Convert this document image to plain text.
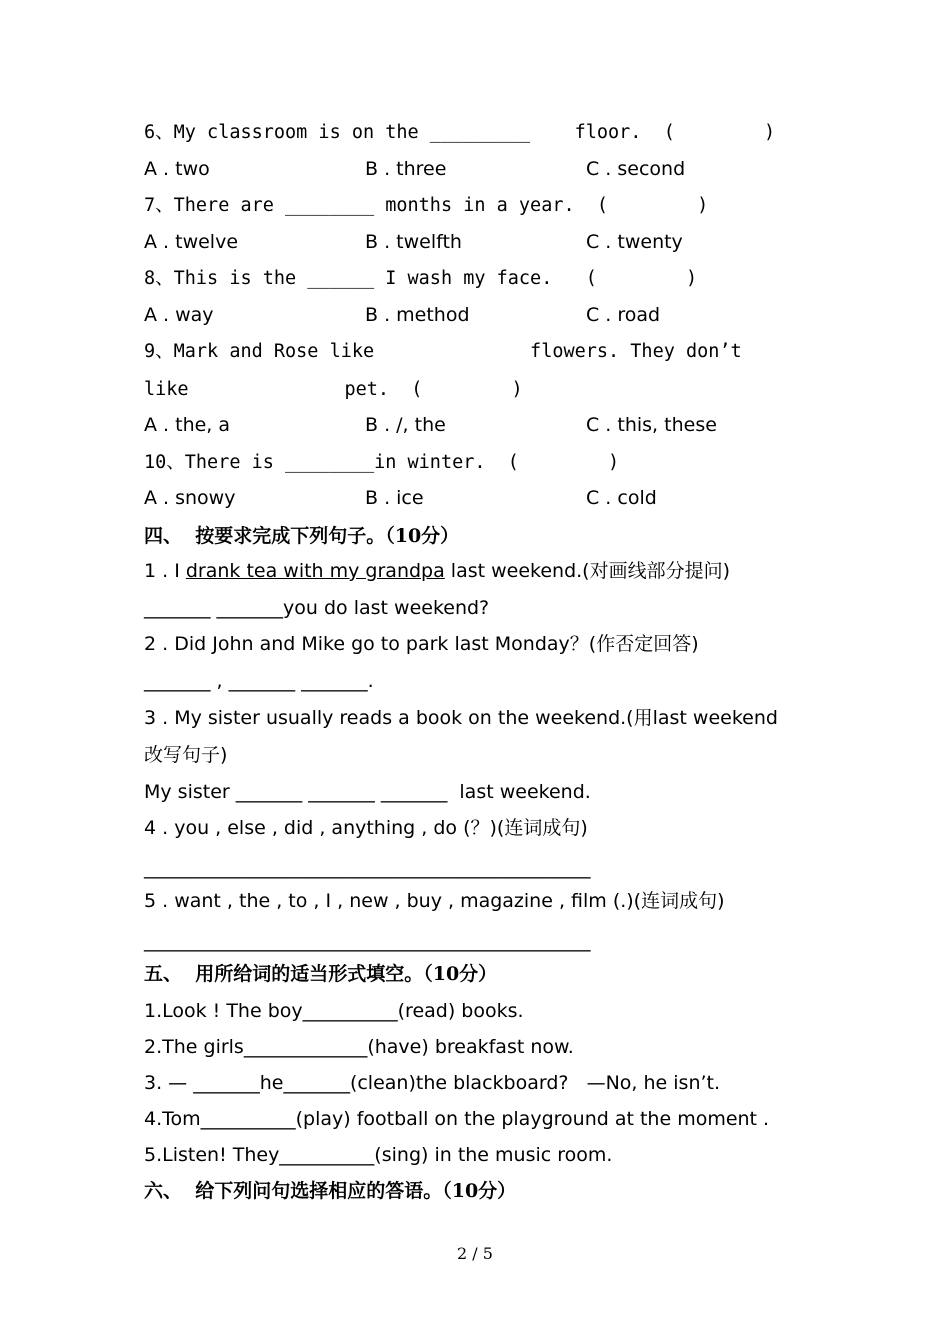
6、My classroom is on the _________    floor.  (        )
A . two	B . three	C . second
7、There are ________ months in a year.  (        )
A . twelve	B . twelfth	C . twenty
8、This is the ______ I wash my face.   (        )
A . way	B . method	C . road
9、Mark and Rose like              flowers. They don’t
like              pet.  (        )
A . the, a	B . /, the	C . this, these
10、There is ________in winter.  (        )
A . snowy	B . ice	C . cold
四、  按要求完成下列句子。（10分）
1 . I drank tea with my grandpa last weekend.(对画线部分提问)
_______ _______you do last weekend?
2 . Did John and Mike go to park last Monday？(作否定回答)
_______ , _______ _______.
3 . My sister usually reads a book on the weekend.(用last weekend
改写句子)
My sister _______ _______ _______  last weekend.
4 . you , else , did , anything , do (？)(连词成句)
_______________________________________________
5 . want , the , to , I , new , buy , magazine , film (.)(连词成句)
_______________________________________________
五、  用所给词的适当形式填空。（10分）
1.Look ! The boy__________(read) books.
2.The girls_____________(have) breakfast now.
3. — _______he_______(clean)the blackboard?   —No, he isn’t.
4.Tom__________(play) football on the playground at the moment .
5.Listen! They__________(sing) in the music room.
六、  给下列问句选择相应的答语。（10分）
2 / 5
